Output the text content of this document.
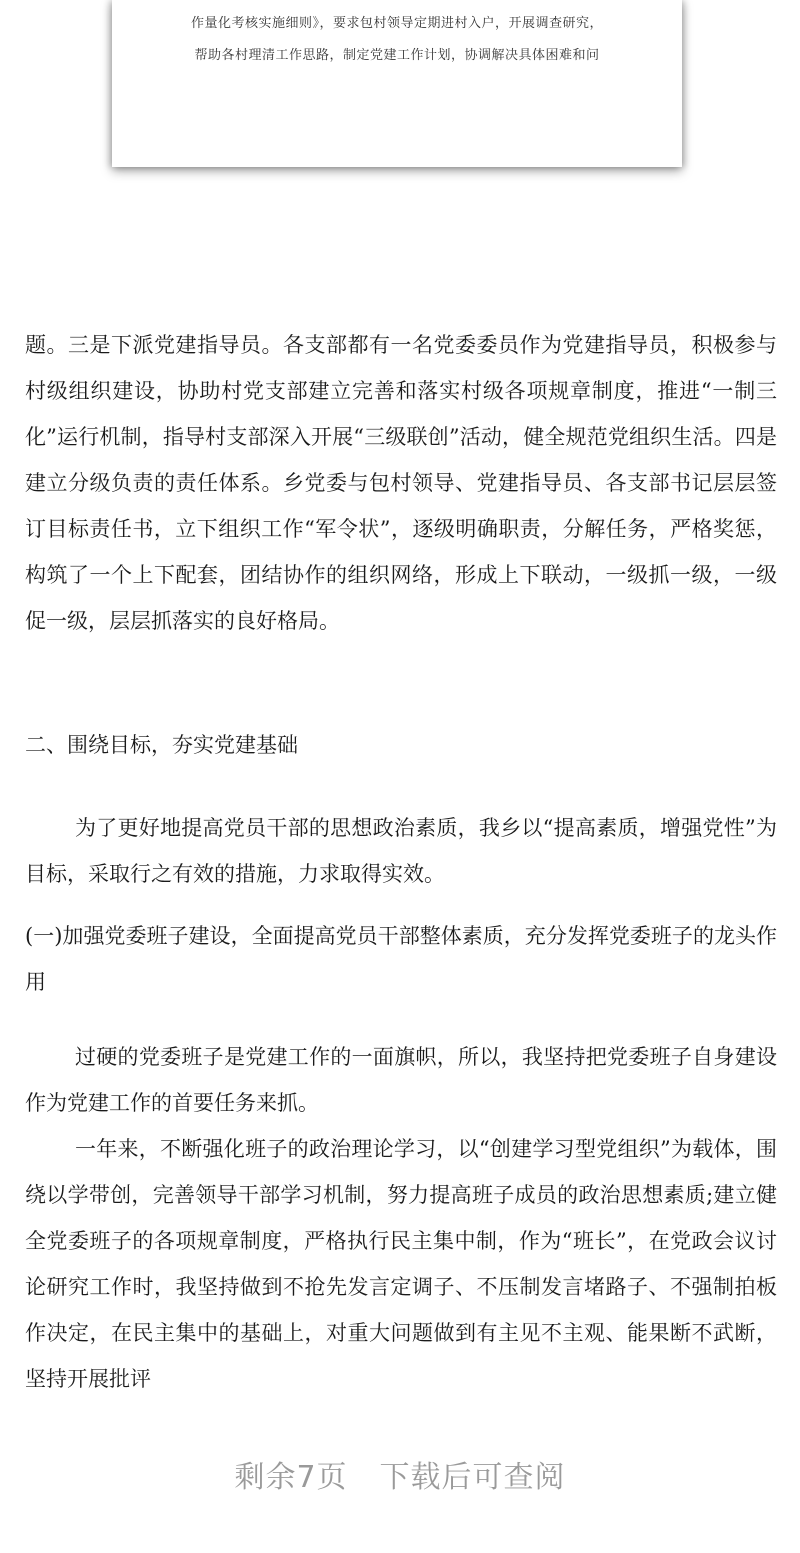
作量化考核实施细则》，要求包村领导定期进村入户，开展调查研究，
帮助各村理清工作思路，制定党建工作计划，协调解决具体困难和问

题。三是下派党建指导员。各支部都有一名党委委员作为党建指导员，积极参与村级组织建设，协助村党支部建立完善和落实村级各项规章制度，推进“一制三化”运行机制，指导村支部深入开展“三级联创”活动，健全规范党组织生活。四是建立分级负责的责任体系。乡党委与包村领导、党建指导员、各支部书记层层签订目标责任书，立下组织工作“军令状”，逐级明确职责，分解任务，严格奖惩，构筑了一个上下配套，团结协作的组织网络，形成上下联动，一级抓一级，一级促一级，层层抓落实的良好格局。

二、围绕目标，夯实党建基础

为了更好地提高党员干部的思想政治素质，我乡以“提高素质，增强党性”为目标，采取行之有效的措施，力求取得实效。

(一)加强党委班子建设，全面提高党员干部整体素质，充分发挥党委班子的龙头作用

过硬的党委班子是党建工作的一面旗帜，所以，我坚持把党委班子自身建设作为党建工作的首要任务来抓。

一年来，不断强化班子的政治理论学习，以“创建学习型党组织”为载体，围绕以学带创，完善领导干部学习机制，努力提高班子成员的政治思想素质;建立健全党委班子的各项规章制度，严格执行民主集中制，作为“班长”，在党政会议讨论研究工作时，我坚持做到不抢先发言定调子、不压制发言堵路子、不强制拍板作决定，在民主集中的基础上，对重大问题做到有主见不主观、能果断不武断，坚持开展批评

剩余7页 下载后可查阅
